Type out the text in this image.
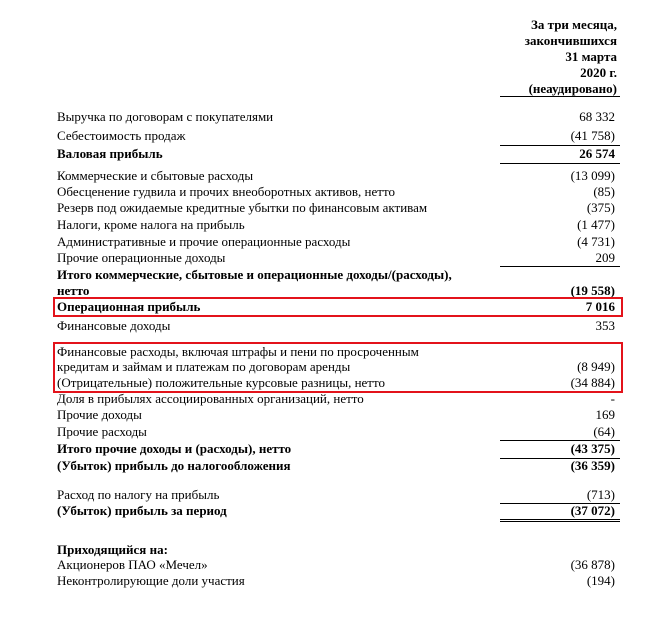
За три месяца,
закончившихся
31 марта
2020 г.
(неаудировано)
Выручка по договорам с покупателями	68 332
Себестоимость продаж	(41 758)
Валовая прибыль	26 574
Коммерческие и сбытовые расходы	(13 099)
Обесценение гудвила и прочих внеоборотных активов, нетто	(85)
Резерв под ожидаемые кредитные убытки по финансовым активам	(375)
Налоги, кроме налога на прибыль	(1 477)
Административные и прочие операционные расходы	(4 731)
Прочие операционные доходы	209
Итого коммерческие, сбытовые и операционные доходы/(расходы),
нетто	(19 558)
Операционная прибыль	7 016
Финансовые доходы	353
Финансовые расходы, включая штрафы и пени по просроченным
кредитам и займам и платежам по договорам аренды	(8 949)
(Отрицательные) положительные курсовые разницы, нетто	(34 884)
Доля в прибылях ассоциированных организаций, нетто	-
Прочие доходы	169
Прочие расходы	(64)
Итого прочие доходы и (расходы), нетто	(43 375)
(Убыток) прибыль до налогообложения	(36 359)
Расход по налогу на прибыль	(713)
(Убыток) прибыль за период	(37 072)
Приходящийся на:
Акционеров ПАО «Мечел»	(36 878)
Неконтролирующие доли участия	(194)
